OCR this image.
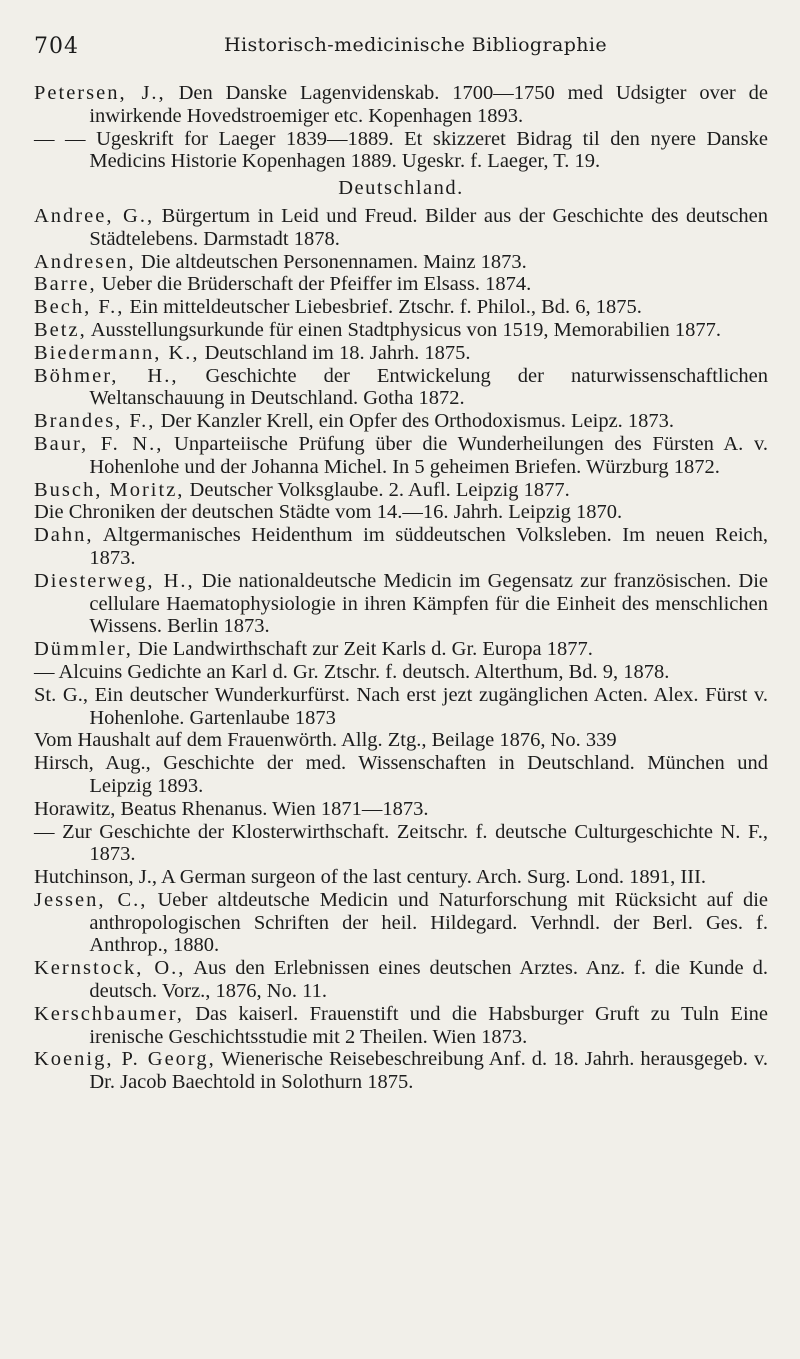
704	Historisch-medicinische Bibliographie

Petersen, J., Den Danske Lagenvidenskab. 1700—1750 med Udsigter over de inwirkende Hovedstroemiger etc. Kopenhagen 1893.

— — Ugeskrift for Laeger 1839—1889. Et skizzeret Bidrag til den nyere Danske Medicins Historie Kopenhagen 1889. Ugeskr. f. Laeger, T. 19.

Deutschland.

Andree, G., Bürgertum in Leid und Freud. Bilder aus der Geschichte des deutschen Städtelebens. Darmstadt 1878.

Andresen, Die altdeutschen Personennamen. Mainz 1873.

Barre, Ueber die Brüderschaft der Pfeiffer im Elsass. 1874.

Bech, F., Ein mitteldeutscher Liebesbrief. Ztschr. f. Philol., Bd. 6, 1875.

Betz, Ausstellungsurkunde für einen Stadtphysicus von 1519, Memorabilien 1877.

Biedermann, K., Deutschland im 18. Jahrh. 1875.

Böhmer, H., Geschichte der Entwickelung der naturwissenschaftlichen Weltanschauung in Deutschland. Gotha 1872.

Brandes, F., Der Kanzler Krell, ein Opfer des Orthodoxismus. Leipz. 1873.

Baur, F. N., Unparteiische Prüfung über die Wunderheilungen des Fürsten A. v. Hohenlohe und der Johanna Michel. In 5 geheimen Briefen. Würzburg 1872.

Busch, Moritz, Deutscher Volksglaube. 2. Aufl. Leipzig 1877.

Die Chroniken der deutschen Städte vom 14.—16. Jahrh. Leipzig 1870.

Dahn, Altgermanisches Heidenthum im süddeutschen Volksleben. Im neuen Reich, 1873.

Diesterweg, H., Die nationaldeutsche Medicin im Gegensatz zur französischen. Die cellulare Haematophysiologie in ihren Kämpfen für die Einheit des menschlichen Wissens. Berlin 1873.

Dümmler, Die Landwirthschaft zur Zeit Karls d. Gr. Europa 1877.

— Alcuins Gedichte an Karl d. Gr. Ztschr. f. deutsch. Alterthum, Bd. 9, 1878.

St. G., Ein deutscher Wunderkurfürst. Nach erst jezt zugänglichen Acten. Alex. Fürst v. Hohenlohe. Gartenlaube 1873

Vom Haushalt auf dem Frauenwörth. Allg. Ztg., Beilage 1876, No. 339

Hirsch, Aug., Geschichte der med. Wissenschaften in Deutschland. München und Leipzig 1893.

Horawitz, Beatus Rhenanus. Wien 1871—1873.

— Zur Geschichte der Klosterwirthschaft. Zeitschr. f. deutsche Culturgeschichte N. F., 1873.

Hutchinson, J., A German surgeon of the last century. Arch. Surg. Lond. 1891, III.

Jessen, C., Ueber altdeutsche Medicin und Naturforschung mit Rücksicht auf die anthropologischen Schriften der heil. Hildegard. Verhndl. der Berl. Ges. f. Anthrop., 1880.

Kernstock, O., Aus den Erlebnissen eines deutschen Arztes. Anz. f. die Kunde d. deutsch. Vorz., 1876, No. 11.

Kerschbaumer, Das kaiserl. Frauenstift und die Habsburger Gruft zu Tuln Eine irenische Geschichtsstudie mit 2 Theilen. Wien 1873.

Koenig, P. Georg, Wienerische Reisebeschreibung Anf. d. 18. Jahrh. herausgegeb. v. Dr. Jacob Baechtold in Solothurn 1875.
